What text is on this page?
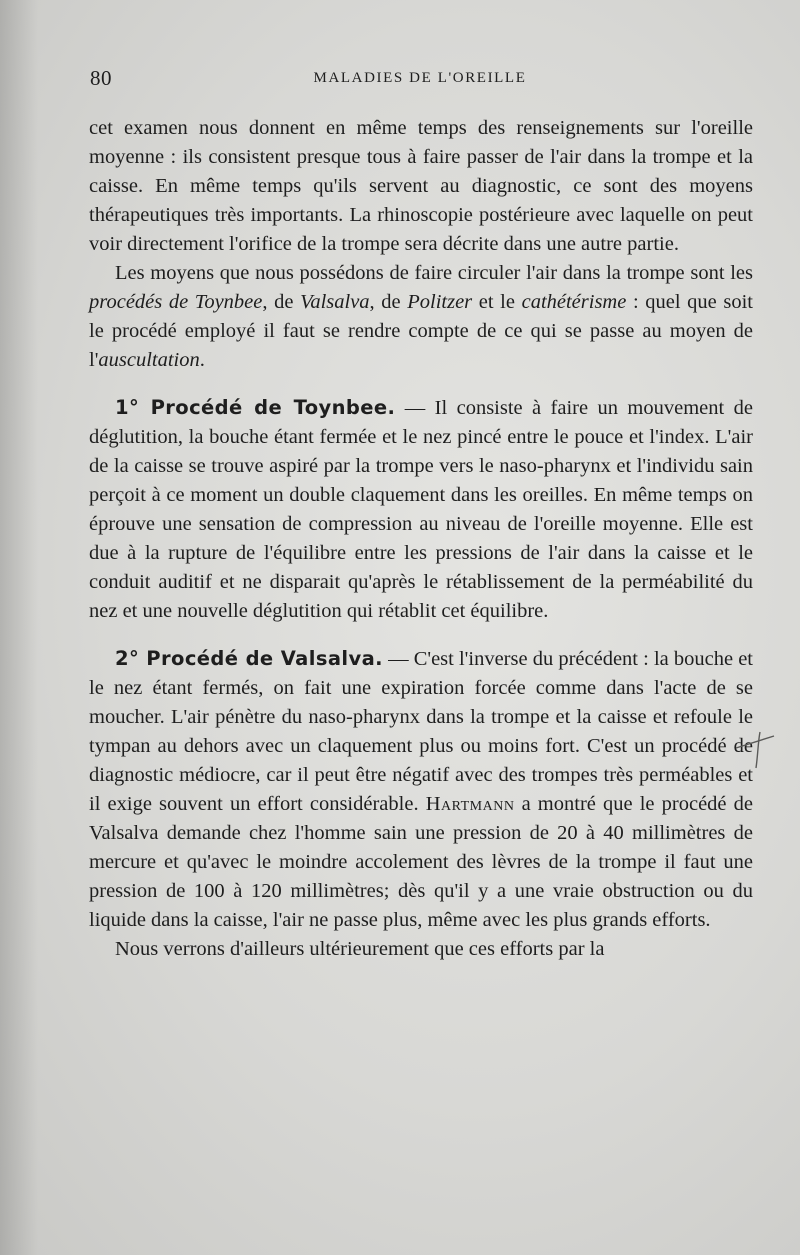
80	MALADIES DE L'OREILLE

cet examen nous donnent en même temps des renseignements sur l'oreille moyenne : ils consistent presque tous à faire passer de l'air dans la trompe et la caisse. En même temps qu'ils servent au diagnostic, ce sont des moyens thérapeutiques très importants. La rhinoscopie postérieure avec laquelle on peut voir directement l'orifice de la trompe sera décrite dans une autre partie.

Les moyens que nous possédons de faire circuler l'air dans la trompe sont les procédés de Toynbee, de Valsalva, de Politzer et le cathétérisme : quel que soit le procédé employé il faut se rendre compte de ce qui se passe au moyen de l'auscultation.

1° Procédé de Toynbee. — Il consiste à faire un mouvement de déglutition, la bouche étant fermée et le nez pincé entre le pouce et l'index. L'air de la caisse se trouve aspiré par la trompe vers le naso-pharynx et l'individu sain perçoit à ce moment un double claquement dans les oreilles. En même temps on éprouve une sensation de compression au niveau de l'oreille moyenne. Elle est due à la rupture de l'équilibre entre les pressions de l'air dans la caisse et le conduit auditif et ne disparait qu'après le rétablissement de la perméabilité du nez et une nouvelle déglutition qui rétablit cet équilibre.

2° Procédé de Valsalva. — C'est l'inverse du précédent : la bouche et le nez étant fermés, on fait une expiration forcée comme dans l'acte de se moucher. L'air pénètre du naso-pharynx dans la trompe et la caisse et refoule le tympan au dehors avec un claquement plus ou moins fort. C'est un procédé de diagnostic médiocre, car il peut être négatif avec des trompes très perméables et il exige souvent un effort considérable. Hartmann a montré que le procédé de Valsalva demande chez l'homme sain une pression de 20 à 40 millimètres de mercure et qu'avec le moindre accolement des lèvres de la trompe il faut une pression de 100 à 120 millimètres; dès qu'il y a une vraie obstruction ou du liquide dans la caisse, l'air ne passe plus, même avec les plus grands efforts.

Nous verrons d'ailleurs ultérieurement que ces efforts par la
